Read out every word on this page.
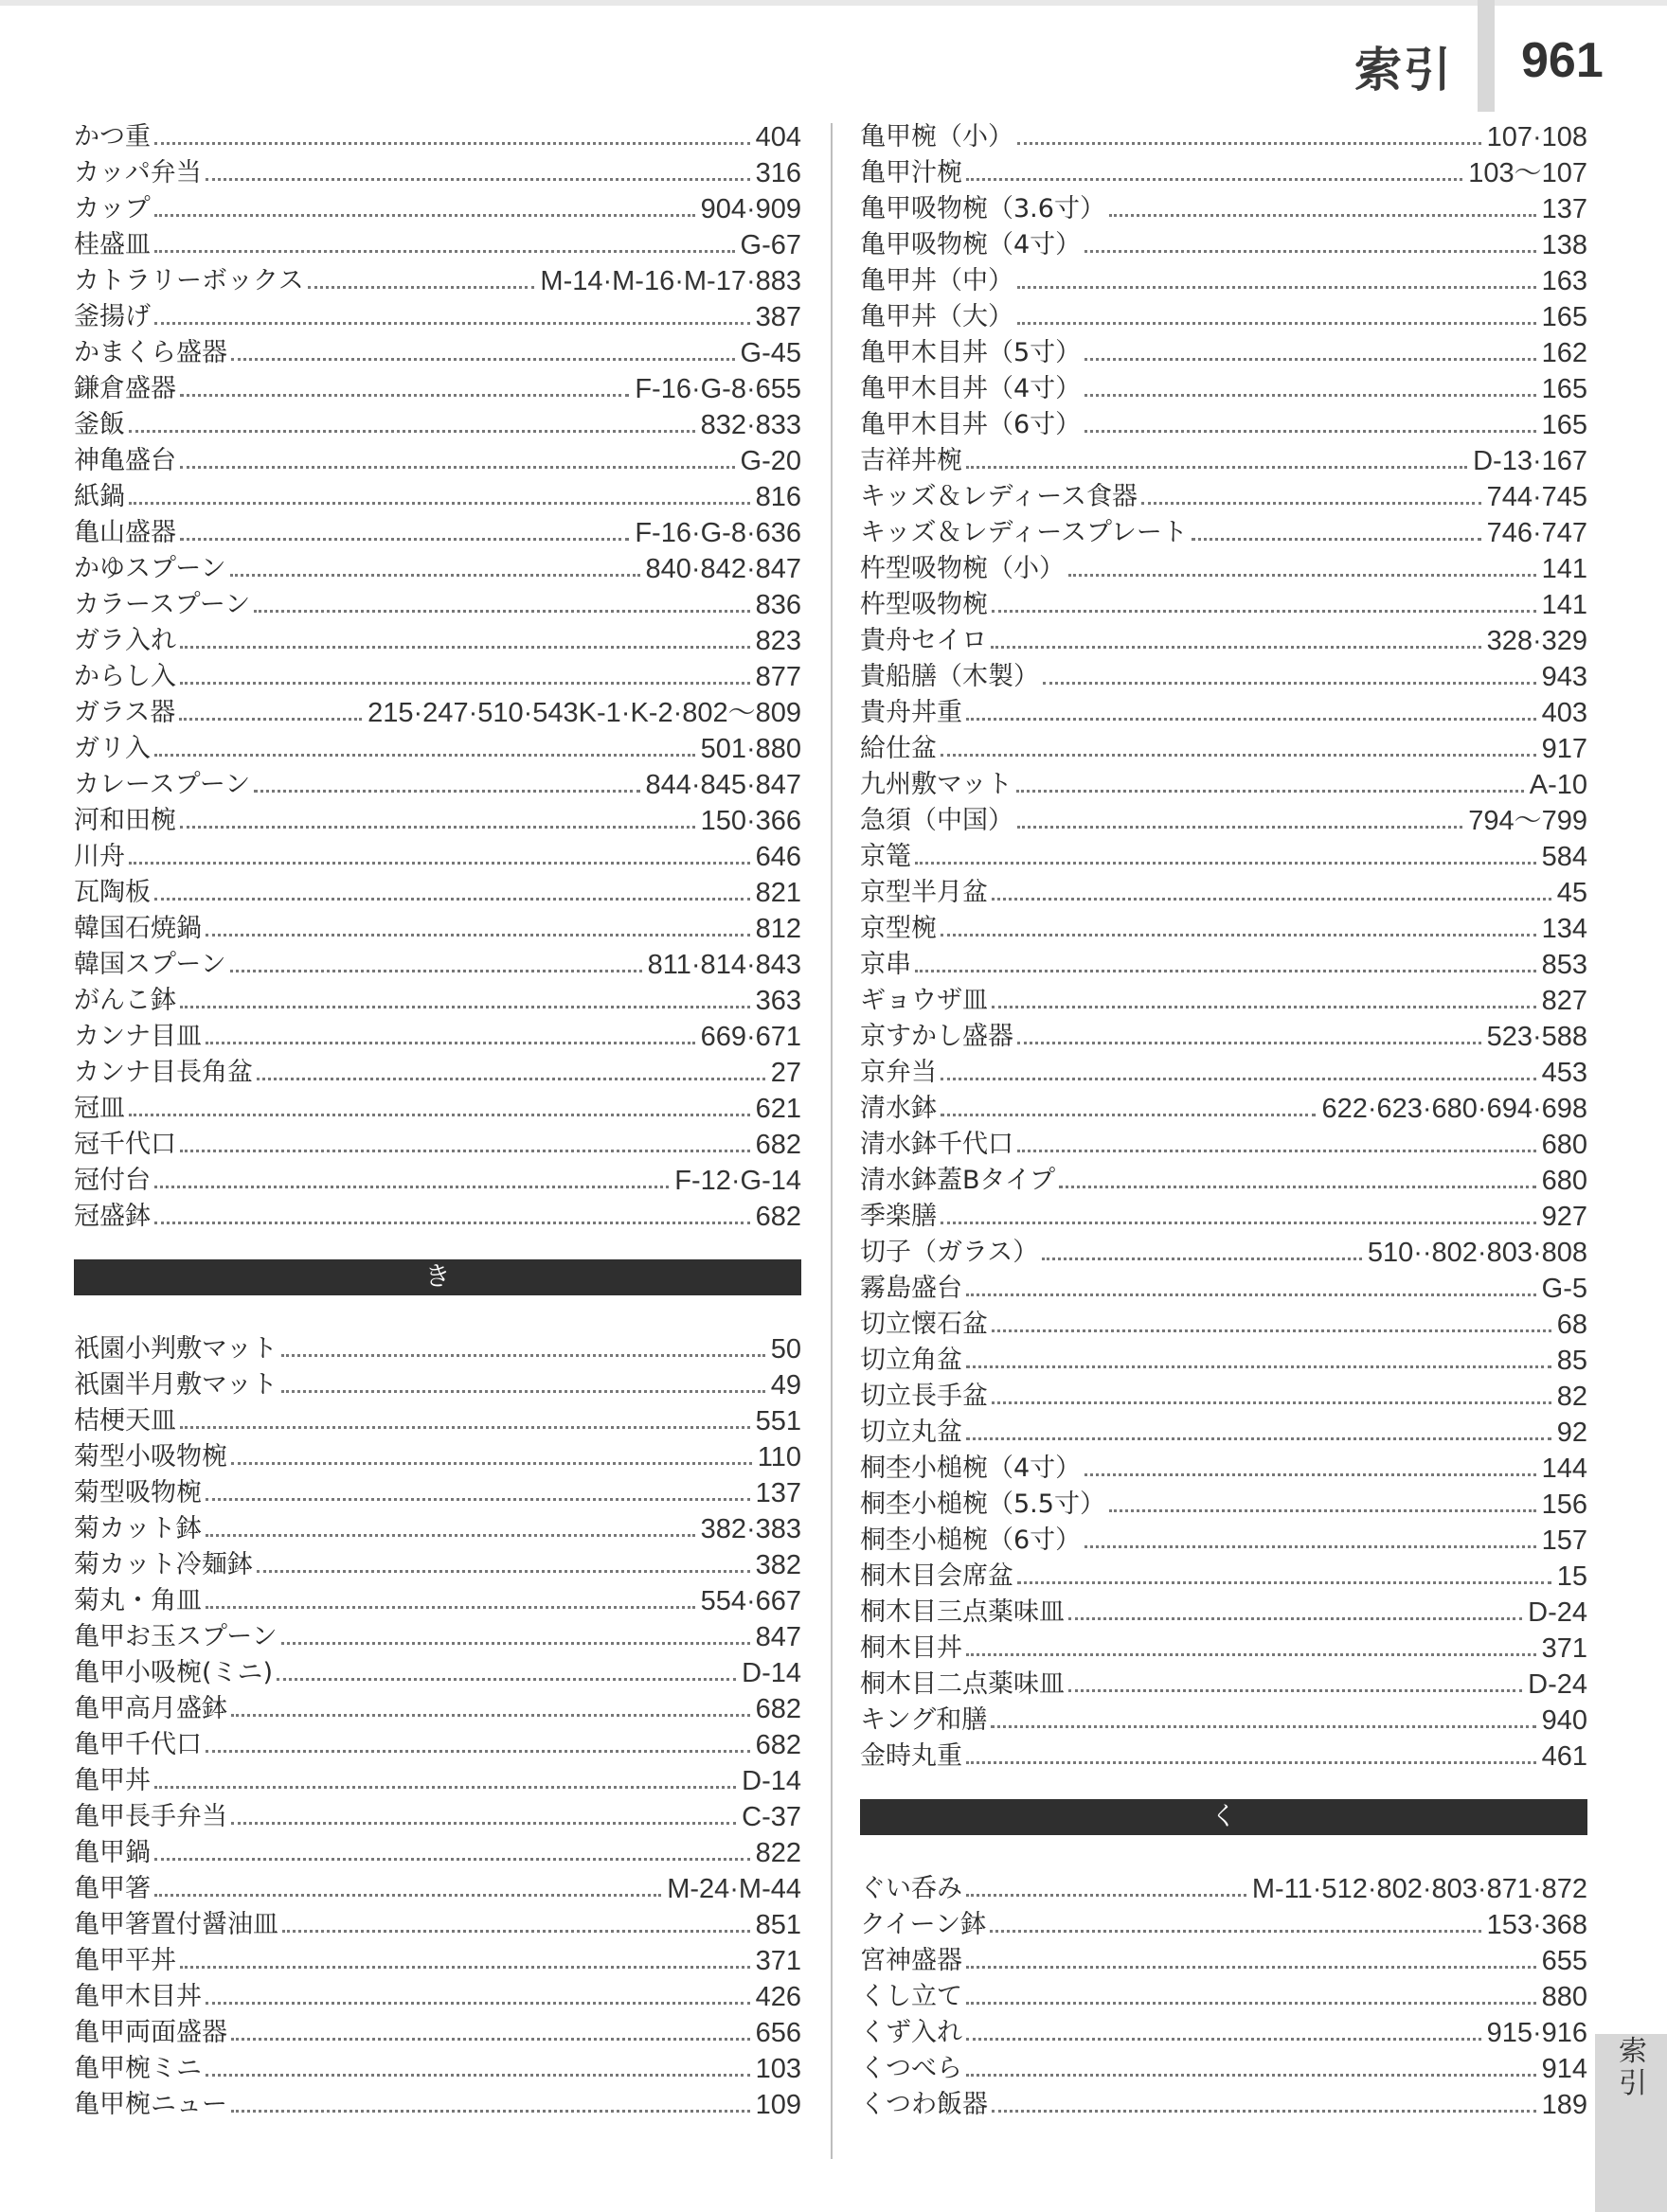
索引 961
かつ重	404
カッパ弁当	316
カップ	904·909
桂盛皿	G-67
カトラリーボックス	M-14·M-16·M-17·883
釜揚げ	387
かまくら盛器	G-45
鎌倉盛器	F-16·G-8·655
釜飯	832·833
神亀盛台	G-20
紙鍋	816
亀山盛器	F-16·G-8·636
かゆスプーン	840·842·847
カラースプーン	836
ガラ入れ	823
からし入	877
ガラス器	215·247·510·543K-1·K-2·802～809
ガリ入	501·880
カレースプーン	844·845·847
河和田椀	150·366
川舟	646
瓦陶板	821
韓国石焼鍋	812
韓国スプーン	811·814·843
がんこ鉢	363
カンナ目皿	669·671
カンナ目長角盆	27
冠皿	621
冠千代口	682
冠付台	F-12·G-14
冠盛鉢	682
き
祇園小判敷マット	50
祇園半月敷マット	49
桔梗天皿	551
菊型小吸物椀	110
菊型吸物椀	137
菊カット鉢	382·383
菊カット冷麺鉢	382
菊丸・角皿	554·667
亀甲お玉スプーン	847
亀甲小吸椀(ミニ)	D-14
亀甲高月盛鉢	682
亀甲千代口	682
亀甲丼	D-14
亀甲長手弁当	C-37
亀甲鍋	822
亀甲箸	M-24·M-44
亀甲箸置付醤油皿	851
亀甲平丼	371
亀甲木目丼	426
亀甲両面盛器	656
亀甲椀ミニ	103
亀甲椀ニュー	109
亀甲椀（小）	107·108
亀甲汁椀	103～107
亀甲吸物椀（3.6寸）	137
亀甲吸物椀（4寸）	138
亀甲丼（中）	163
亀甲丼（大）	165
亀甲木目丼（5寸）	162
亀甲木目丼（4寸）	165
亀甲木目丼（6寸）	165
吉祥丼椀	D-13·167
キッズ＆レディース食器	744·745
キッズ＆レディースプレート	746·747
杵型吸物椀（小）	141
杵型吸物椀	141
貴舟セイロ	328·329
貴船膳（木製）	943
貴舟丼重	403
給仕盆	917
九州敷マット	A-10
急須（中国）	794～799
京篭	584
京型半月盆	45
京型椀	134
京串	853
ギョウザ皿	827
京すかし盛器	523·588
京弁当	453
清水鉢	622·623·680·694·698
清水鉢千代口	680
清水鉢蓋Bタイプ	680
季楽膳	927
切子（ガラス）	510··802·803·808
霧島盛台	G-5
切立懐石盆	68
切立角盆	85
切立長手盆	82
切立丸盆	92
桐杢小槌椀（4寸）	144
桐杢小槌椀（5.5寸）	156
桐杢小槌椀（6寸）	157
桐木目会席盆	15
桐木目三点薬味皿	D-24
桐木目丼	371
桐木目二点薬味皿	D-24
キング和膳	940
金時丸重	461
く
ぐい呑み	M-11·512·802·803·871·872
クイーン鉢	153·368
宮神盛器	655
くし立て	880
くず入れ	915·916
くつべら	914
くつわ飯器	189
索
引
